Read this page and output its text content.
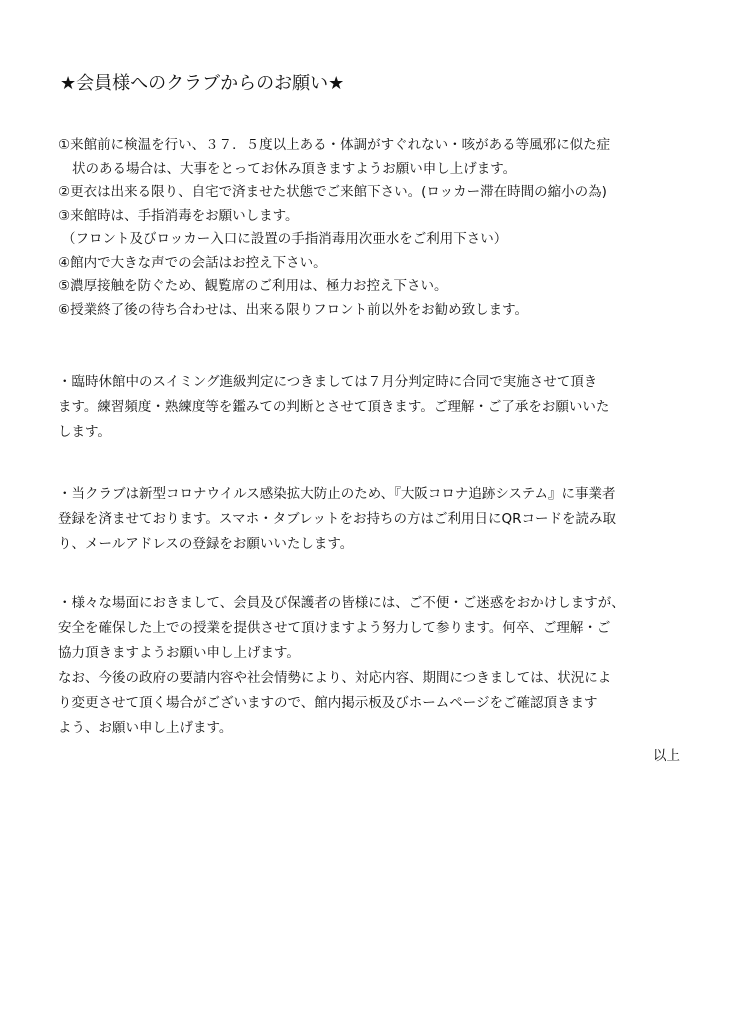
★会員様へのクラブからのお願い★
①来館前に検温を行い、３７．５度以上ある・体調がすぐれない・咳がある等風邪に似た症
状のある場合は、大事をとってお休み頂きますようお願い申し上げます。
②更衣は出来る限り、自宅で済ませた状態でご来館下さい。(ロッカー滞在時間の縮小の為)
③来館時は、手指消毒をお願いします。
（フロント及びロッカー入口に設置の手指消毒用次亜水をご利用下さい）
④館内で大きな声での会話はお控え下さい。
⑤濃厚接触を防ぐため、観覧席のご利用は、極力お控え下さい。
⑥授業終了後の待ち合わせは、出来る限りフロント前以外をお勧め致します。
・臨時休館中のスイミング進級判定につきましては７月分判定時に合同で実施させて頂き
ます。練習頻度・熟練度等を鑑みての判断とさせて頂きます。ご理解・ご了承をお願いいた
します。
・当クラブは新型コロナウイルス感染拡大防止のため、『大阪コロナ追跡システム』に事業者
登録を済ませております。スマホ・タブレットをお持ちの方はご利用日にQRコードを読み取
り、メールアドレスの登録をお願いいたします。
・様々な場面におきまして、会員及び保護者の皆様には、ご不便・ご迷惑をおかけしますが、
安全を確保した上での授業を提供させて頂けますよう努力して参ります。何卒、ご理解・ご
協力頂きますようお願い申し上げます。
なお、今後の政府の要請内容や社会情勢により、対応内容、期間につきましては、状況によ
り変更させて頂く場合がございますので、館内掲示板及びホームページをご確認頂きます
よう、お願い申し上げます。
以上
